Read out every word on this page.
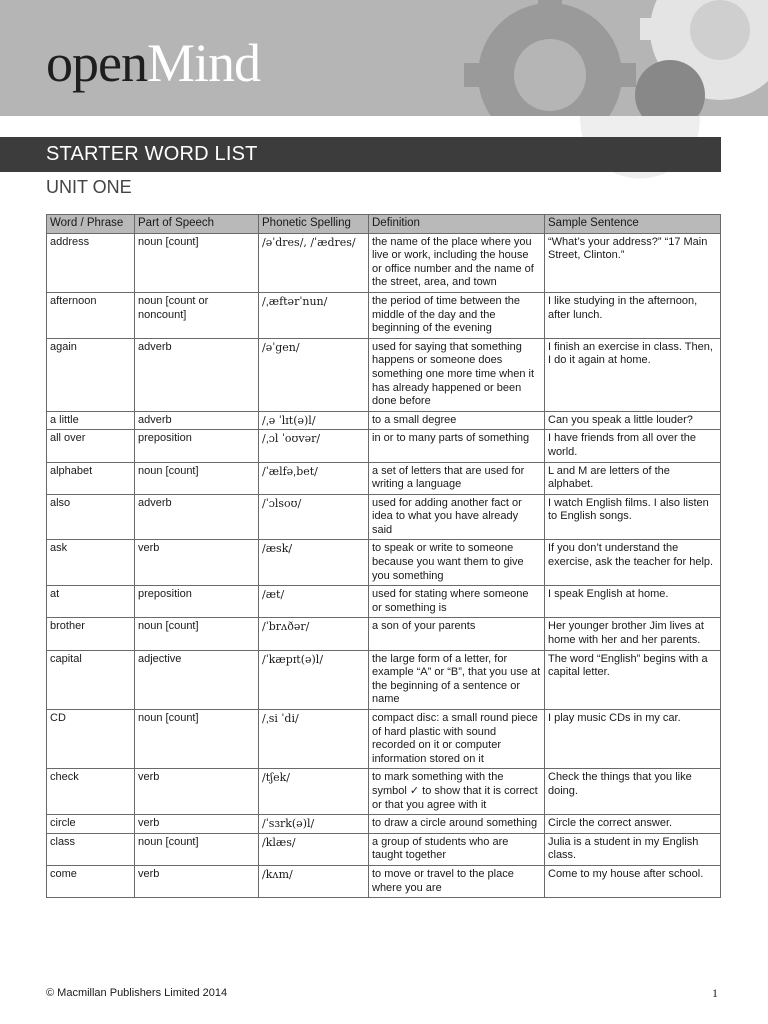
openMind
STARTER WORD LIST
UNIT ONE
Word / Phrase	Part of Speech	Phonetic Spelling	Definition	Sample Sentence
address	noun [count]	/əˈdres/, /ˈædres/	the name of the place where you live or work, including the house or office number and the name of the street, area, and town	“What’s your address?” “17 Main Street, Clinton.”
afternoon	noun [count or noncount]	/ˌæftərˈnun/	the period of time between the middle of the day and the beginning of the evening	I like studying in the afternoon, after lunch.
again	adverb	/əˈgen/	used for saying that something happens or someone does something one more time when it has already happened or been done before	I finish an exercise in class. Then, I do it again at home.
a little	adverb	/ˌə ˈlɪt(ə)l/	to a small degree	Can you speak a little louder?
all over	preposition	/ˌɔl ˈoʊvər/	in or to many parts of something	I have friends from all over the world.
alphabet	noun [count]	/ˈælfəˌbet/	a set of letters that are used for writing a language	L and M are letters of the alphabet.
also	adverb	/ˈɔlsoʊ/	used for adding another fact or idea to what you have already said	I watch English films. I also listen to English songs.
ask	verb	/æsk/	to speak or write to someone because you want them to give you something	If you don’t understand the exercise, ask the teacher for help.
at	preposition	/æt/	used for stating where someone or something is	I speak English at home.
brother	noun [count]	/ˈbrʌðər/	a son of your parents	Her younger brother Jim lives at home with her and her parents.
capital	adjective	/ˈkæpɪt(ə)l/	the large form of a letter, for example “A” or “B”, that you use at the beginning of a sentence or name	The word “English” begins with a capital letter.
CD	noun [count]	/ˌsi ˈdi/	compact disc: a small round piece of hard plastic with sound recorded on it or computer information stored on it	I play music CDs in my car.
check	verb	/tʃek/	to mark something with the symbol ✓ to show that it is correct or that you agree with it	Check the things that you like doing.
circle	verb	/ˈsɜrk(ə)l/	to draw a circle around something	Circle the correct answer.
class	noun [count]	/klæs/	a group of students who are taught together	Julia is a student in my English class.
come	verb	/kʌm/	to move or travel to the place where you are	Come to my house after school.
© Macmillan Publishers Limited 2014	1
